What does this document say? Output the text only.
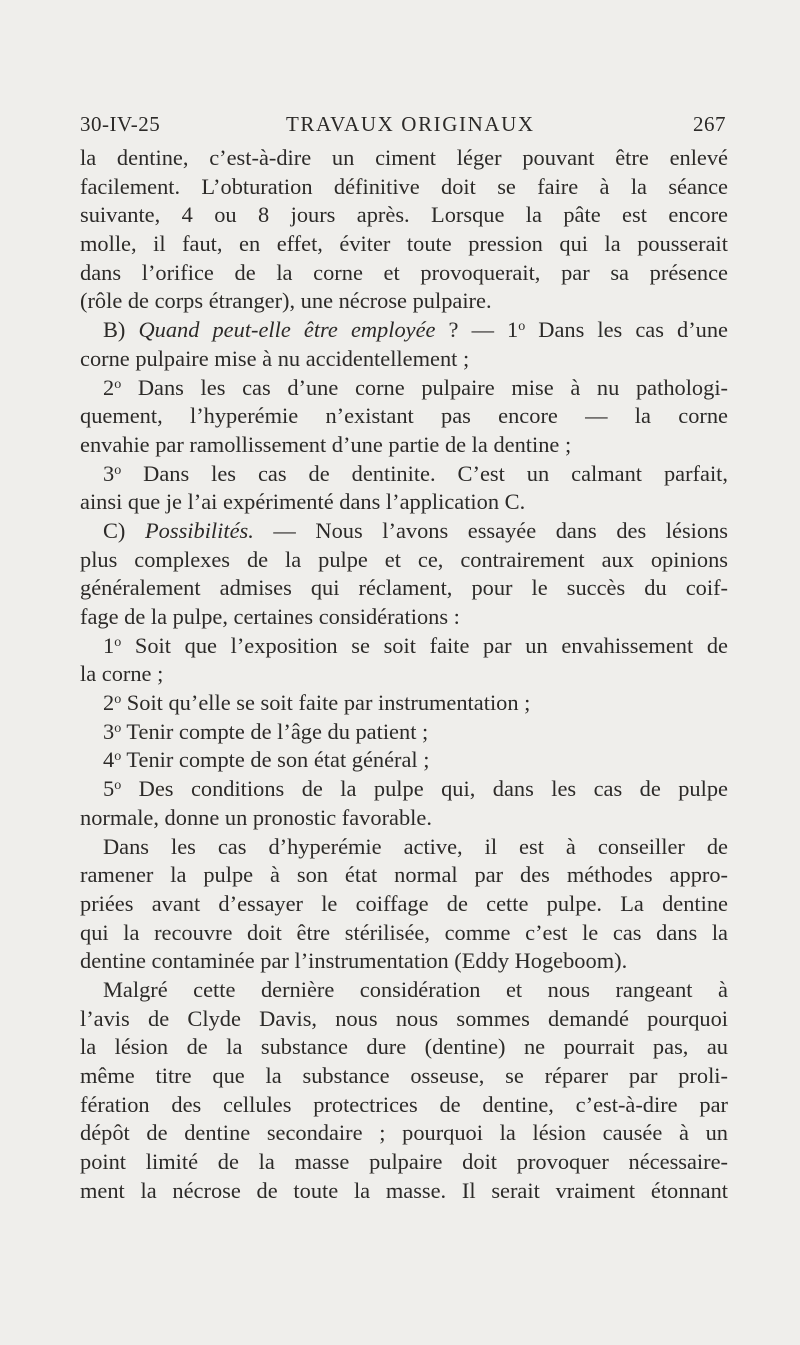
30-IV-25	TRAVAUX ORIGINAUX	267
la dentine, c’est-à-dire un ciment léger pouvant être enlevé
facilement. L’obturation définitive doit se faire à la séance
suivante, 4 ou 8 jours après. Lorsque la pâte est encore
molle, il faut, en effet, éviter toute pression qui la pousserait
dans l’orifice de la corne et provoquerait, par sa présence
(rôle de corps étranger), une nécrose pulpaire.
B) Quand peut-elle être employée ? — 1$^o$ Dans les cas d’une
corne pulpaire mise à nu accidentellement ;
2$^o$ Dans les cas d’une corne pulpaire mise à nu pathologi-
quement, l’hyperémie n’existant pas encore — la corne
envahie par ramollissement d’une partie de la dentine ;
3$^o$ Dans les cas de dentinite. C’est un calmant parfait,
ainsi que je l’ai expérimenté dans l’application C.
C) Possibilités. — Nous l’avons essayée dans des lésions
plus complexes de la pulpe et ce, contrairement aux opinions
généralement admises qui réclament, pour le succès du coif-
fage de la pulpe, certaines considérations :
1$^o$ Soit que l’exposition se soit faite par un envahissement de
la corne ;
2$^o$ Soit qu’elle se soit faite par instrumentation ;
3$^o$ Tenir compte de l’âge du patient ;
4$^o$ Tenir compte de son état général ;
5$^o$ Des conditions de la pulpe qui, dans les cas de pulpe
normale, donne un pronostic favorable.
Dans les cas d’hyperémie active, il est à conseiller de
ramener la pulpe à son état normal par des méthodes appro-
priées avant d’essayer le coiffage de cette pulpe. La dentine
qui la recouvre doit être stérilisée, comme c’est le cas dans la
dentine contaminée par l’instrumentation (Eddy Hogeboom).
Malgré cette dernière considération et nous rangeant à
l’avis de Clyde Davis, nous nous sommes demandé pourquoi
la lésion de la substance dure (dentine) ne pourrait pas, au
même titre que la substance osseuse, se réparer par proli-
fération des cellules protectrices de dentine, c’est-à-dire par
dépôt de dentine secondaire ; pourquoi la lésion causée à un
point limité de la masse pulpaire doit provoquer nécessaire-
ment la nécrose de toute la masse. Il serait vraiment étonnant
